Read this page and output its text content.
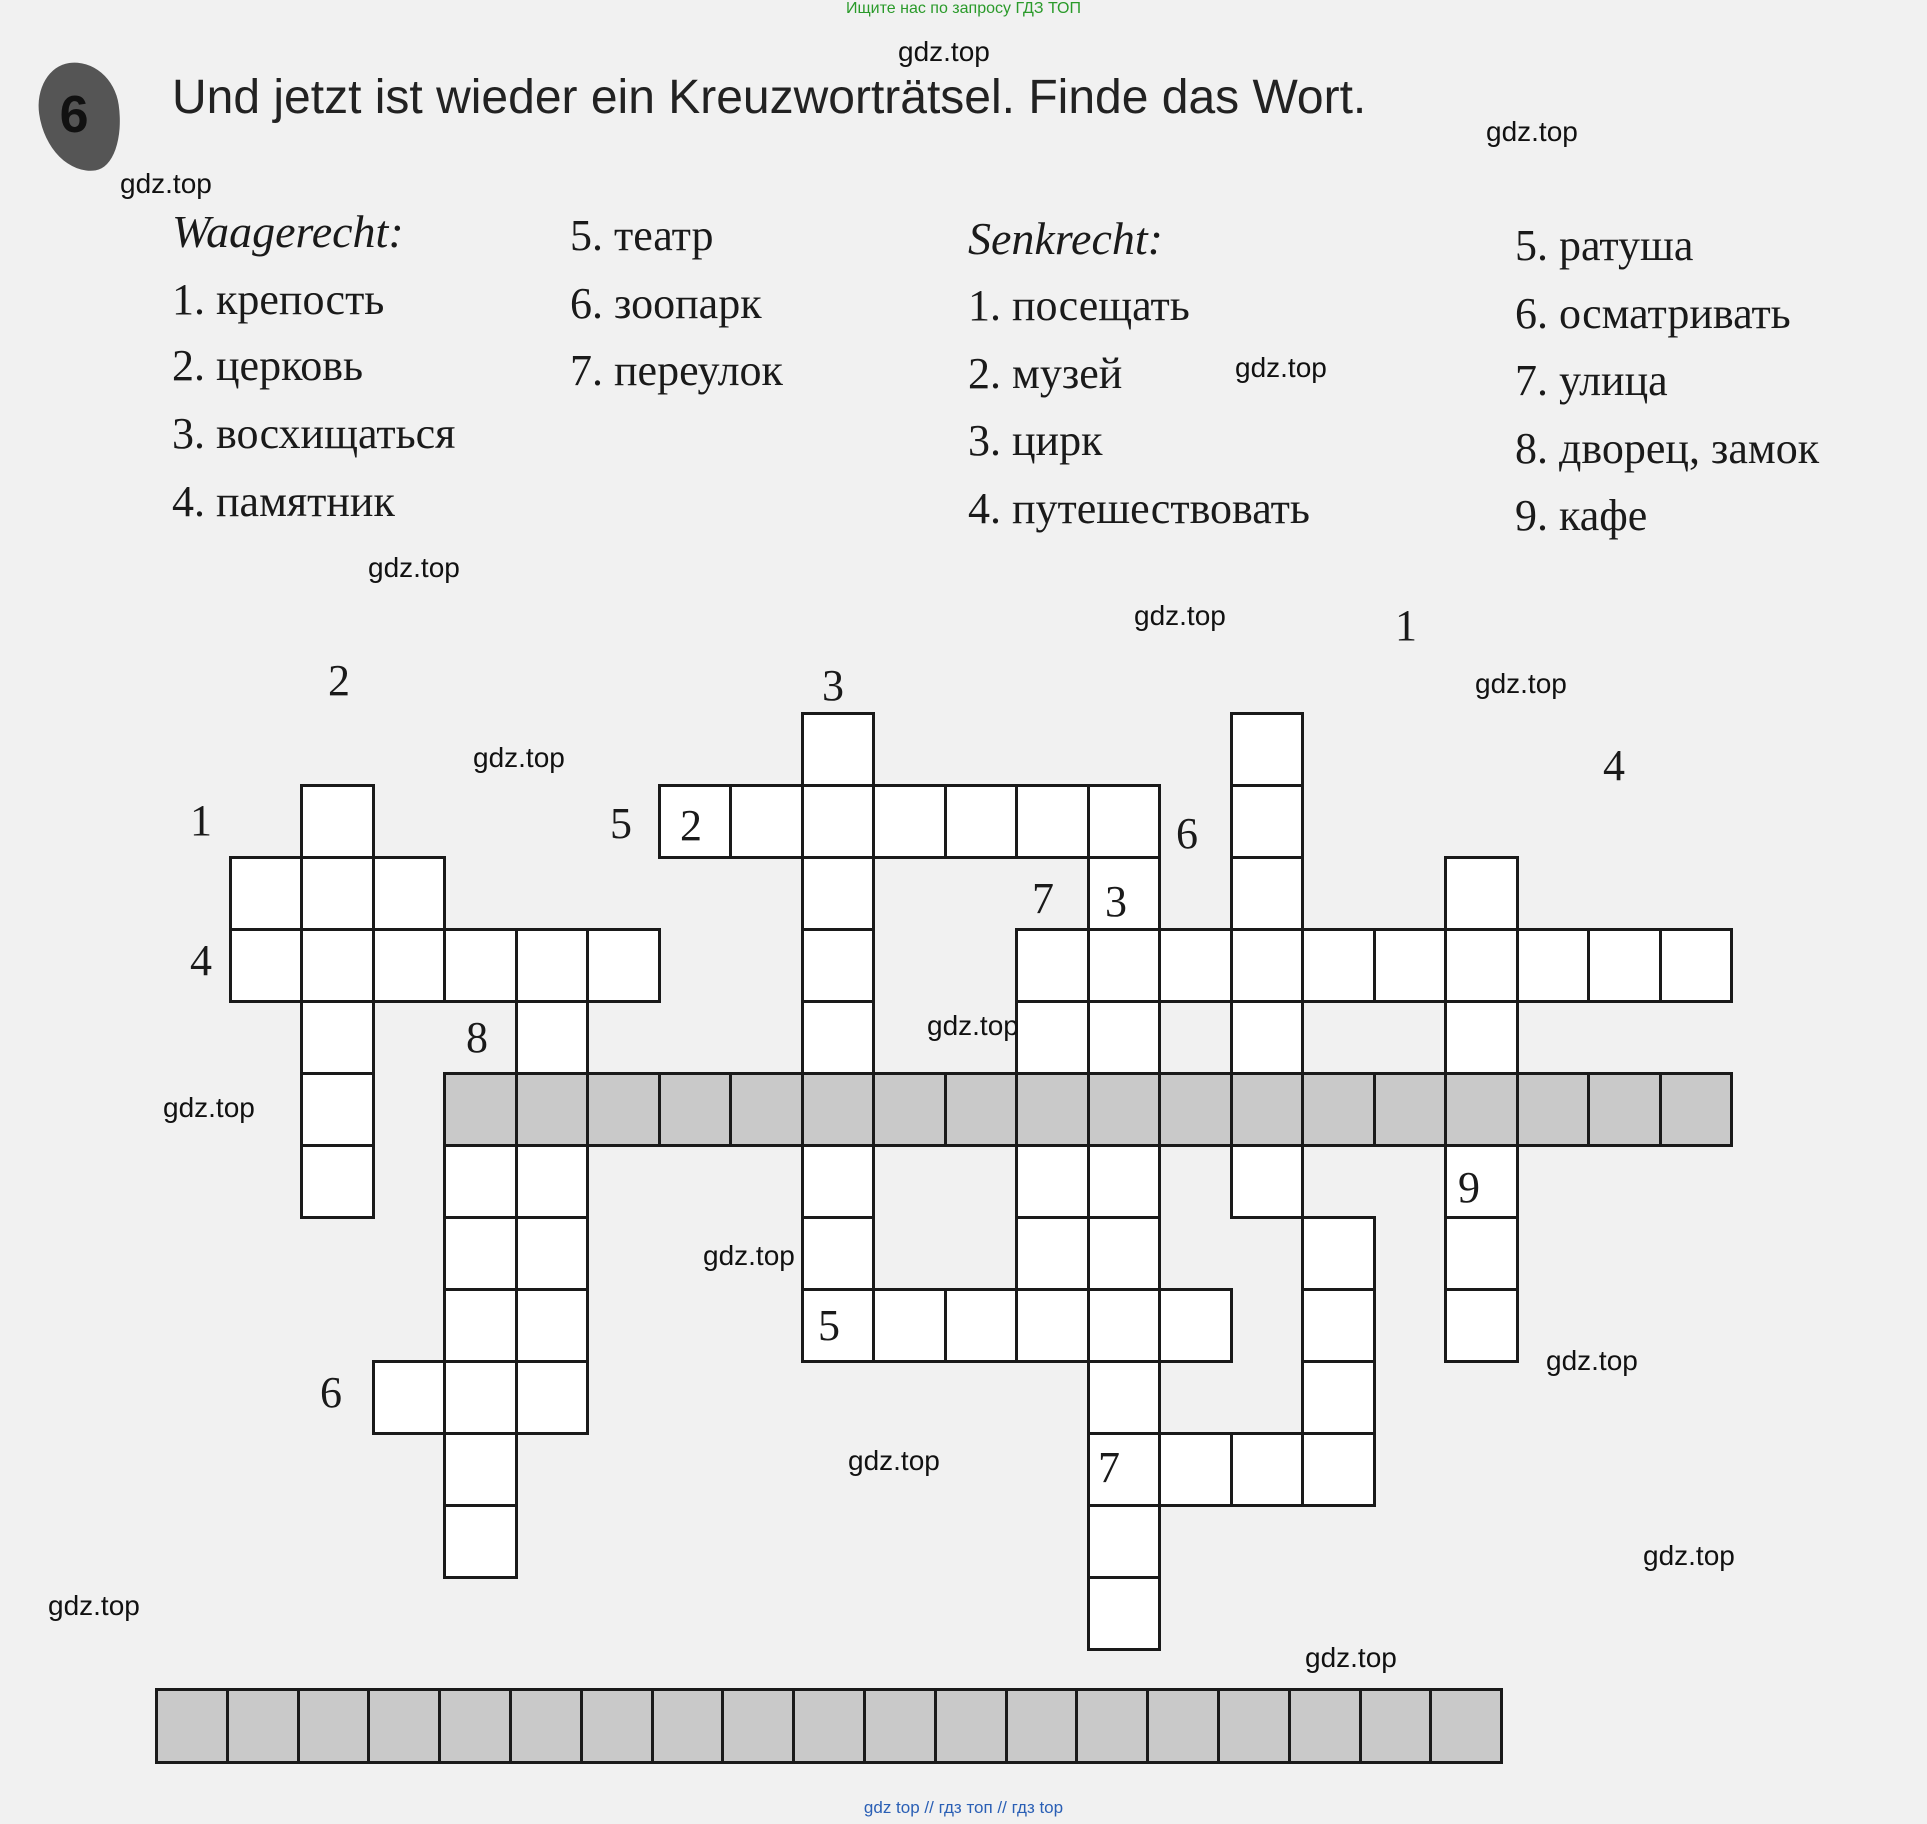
Ищите нас по запросу ГДЗ ТОП
6 Und jetzt ist wieder ein Kreuzworträtsel. Finde das Wort.
Waagerecht:
1. крепость
2. церковь
3. восхищаться
4. памятник
5. театр
6. зоопарк
7. переулок
Senkrecht:
1. посещать
2. музей
3. цирк
4. путешествовать
5. ратуша
6. осматривать
7. улица
8. дворец, замок
9. кафе
2	3
1
4
1
5 2	6
7 3
4
8
9
5
6
7
gdz.top
gdz.top
gdz.top
gdz.top
gdz.top
gdz.top
gdz.top
gdz.top
gdz.top
gdz.top
gdz.top
gdz.top
gdz.top
gdz.top
gdz.top
gdz.top
gdz top // гдз топ // гдз top
